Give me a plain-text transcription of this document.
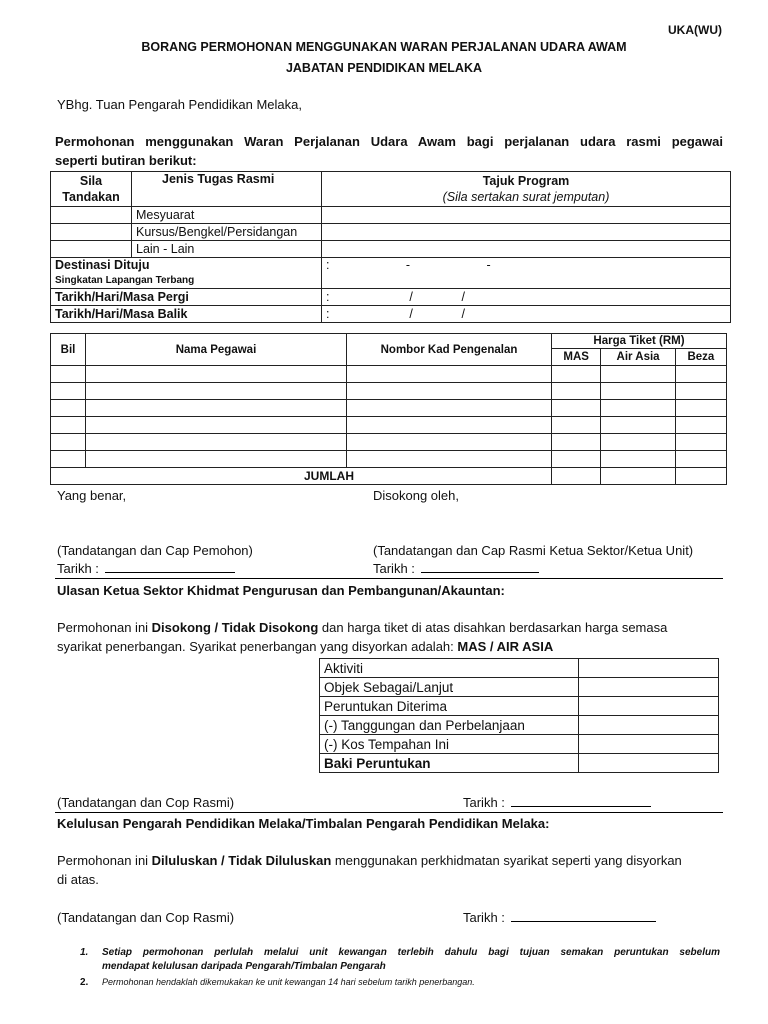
UKA(WU)
BORANG PERMOHONAN MENGGUNAKAN WARAN PERJALANAN UDARA AWAM
JABATAN PENDIDIKAN MELAKA
YBhg. Tuan Pengarah Pendidikan Melaka,
Permohonan menggunakan Waran Perjalanan Udara Awam bagi perjalanan udara rasmi pegawai
seperti butiran berikut:
Sila
Tandakan	Jenis Tugas Rasmi	Tajuk Program
(Sila sertakan surat jemputan)
	Mesyuarat	
	Kursus/Bengkel/Persidangan	
	Lain - Lain	
Destinasi Dituju
Singkatan Lapangan Terbang		:                      -                      -
Tarikh/Hari/Masa Pergi		:                       /              /
Tarikh/Hari/Masa Balik		:                       /              /
Bil	Nama Pegawai	Nombor Kad Pengenalan	Harga Tiket (RM)		
			MAS	Air Asia	Beza

JUMLAH					
Yang benar,	Disokong oleh,
(Tandatangan dan Cap Pemohon)	(Tandatangan dan Cap Rasmi Ketua Sektor/Ketua Unit)
Tarikh :	Tarikh :
Ulasan Ketua Sektor Khidmat Pengurusan dan Pembangunan/Akauntan:
Permohonan ini Disokong / Tidak Disokong dan harga tiket di atas disahkan berdasarkan harga semasa
syarikat penerbangan. Syarikat penerbangan yang disyorkan adalah: MAS / AIR ASIA
Aktiviti	
Objek Sebagai/Lanjut	
Peruntukan Diterima	
(-) Tanggungan dan Perbelanjaan	
(-) Kos Tempahan Ini	
Baki Peruntukan	
(Tandatangan dan Cop Rasmi)	Tarikh :
Kelulusan Pengarah Pendidikan Melaka/Timbalan Pengarah Pendidikan Melaka:
Permohonan ini Diluluskan / Tidak Diluluskan menggunakan perkhidmatan syarikat seperti yang disyorkan
di atas.
(Tandatangan dan Cop Rasmi)	Tarikh :
1. Setiap permohonan perlulah melalui unit kewangan terlebih dahulu bagi tujuan semakan peruntukan sebelum
mendapat kelulusan daripada Pengarah/Timbalan Pengarah
2. Permohonan hendaklah dikemukakan ke unit kewangan 14 hari sebelum tarikh penerbangan.
